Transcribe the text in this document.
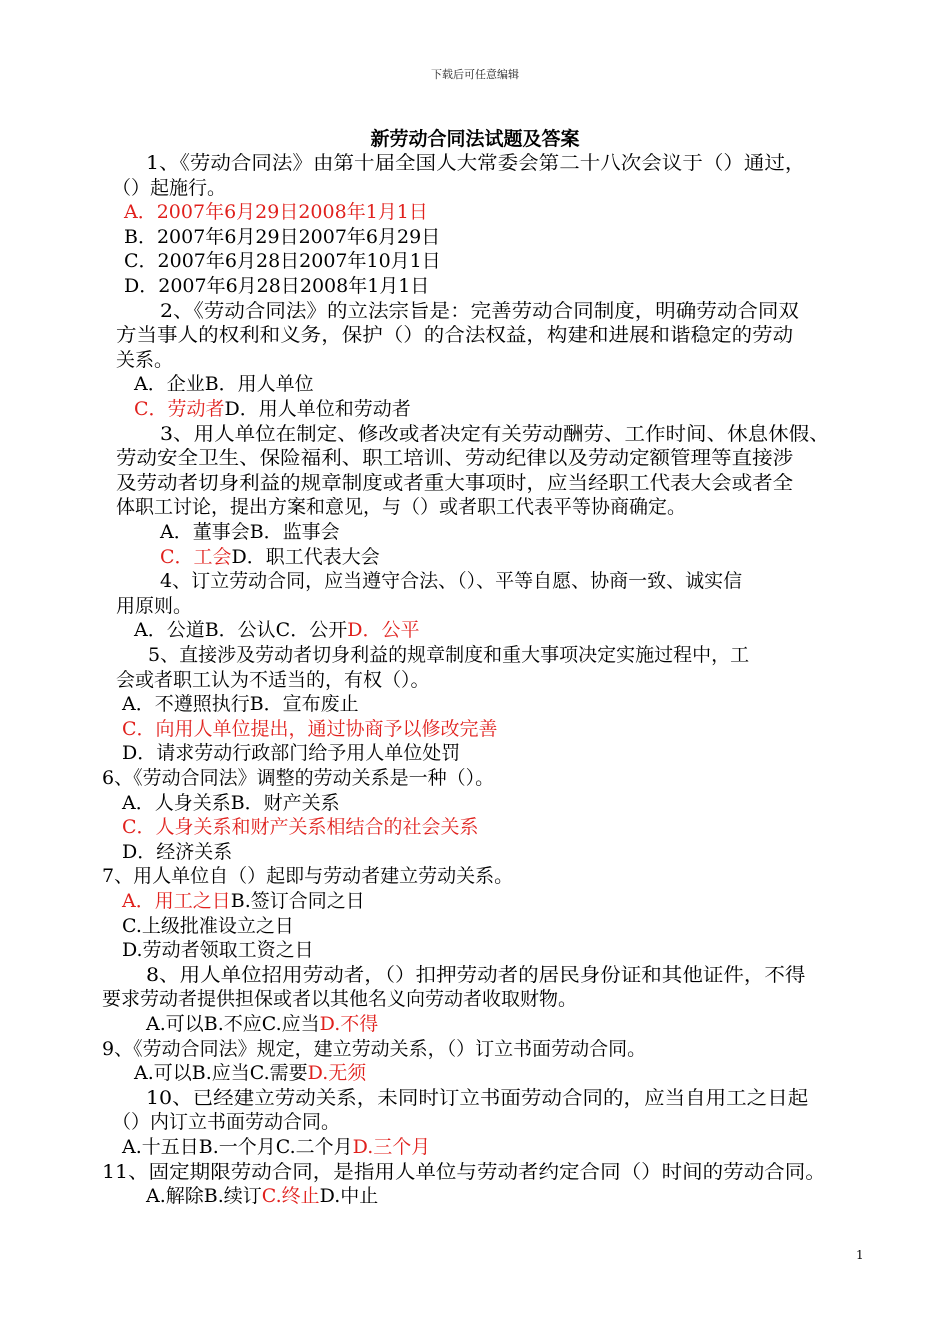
下载后可任意编辑
新劳动合同法试题及答案
1、《劳动合同法》由第十届全国人大常委会第二十八次会议于（）通过，
（）起施行。
A．2007年6月29日2008年1月1日
B．2007年6月29日2007年6月29日
C．2007年6月28日2007年10月1日
D．2007年6月28日2008年1月1日
2、《劳动合同法》的立法宗旨是：完善劳动合同制度，明确劳动合同双
方当事人的权利和义务，保护（）的合法权益，构建和进展和谐稳定的劳动
关系。
A．企业B．用人单位
C．劳动者D．用人单位和劳动者
3、用人单位在制定、修改或者决定有关劳动酬劳、工作时间、休息休假、
劳动安全卫生、保险福利、职工培训、劳动纪律以及劳动定额管理等直接涉
及劳动者切身利益的规章制度或者重大事项时，应当经职工代表大会或者全
体职工讨论，提出方案和意见，与（）或者职工代表平等协商确定。
A．董事会B．监事会
C．工会D．职工代表大会
4、订立劳动合同，应当遵守合法、（）、平等自愿、协商一致、诚实信
用原则。
A．公道B．公认C．公开D．公平
5、直接涉及劳动者切身利益的规章制度和重大事项决定实施过程中，工
会或者职工认为不适当的，有权（）。
A．不遵照执行B．宣布废止
C．向用人单位提出，通过协商予以修改完善
D．请求劳动行政部门给予用人单位处罚
6、《劳动合同法》调整的劳动关系是一种（）。
A．人身关系B．财产关系
C．人身关系和财产关系相结合的社会关系
D．经济关系
7、用人单位自（）起即与劳动者建立劳动关系。
A．用工之日B.签订合同之日
C.上级批准设立之日
D.劳动者领取工资之日
8、用人单位招用劳动者，（）扣押劳动者的居民身份证和其他证件，不得
要求劳动者提供担保或者以其他名义向劳动者收取财物。
A.可以B.不应C.应当D.不得
9、《劳动合同法》规定，建立劳动关系，（）订立书面劳动合同。
A.可以B.应当C.需要D.无须
10、已经建立劳动关系，未同时订立书面劳动合同的，应当自用工之日起
（）内订立书面劳动合同。
A.十五日B.一个月C.二个月D.三个月
11、固定期限劳动合同，是指用人单位与劳动者约定合同（）时间的劳动合同。
A.解除B.续订C.终止D.中止
1
